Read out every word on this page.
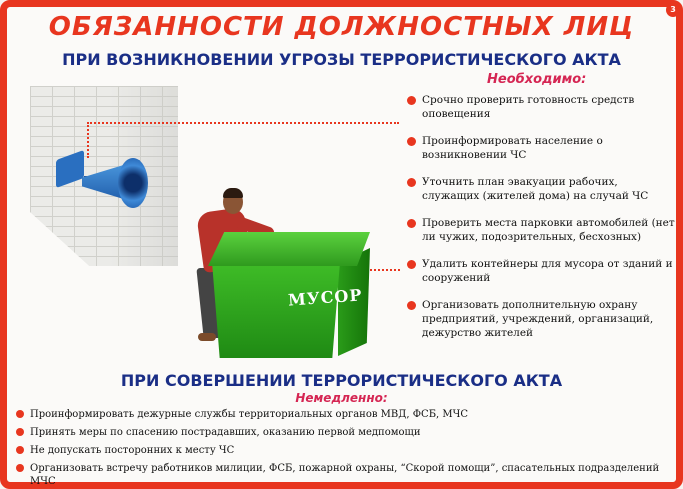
3
ОБЯЗАННОСТИ ДОЛЖНОСТНЫХ ЛИЦ
ПРИ ВОЗНИКНОВЕНИИ УГРОЗЫ ТЕРРОРИСТИЧЕСКОГО АКТА
Необходимо:
Срочно проверить готовность средств оповещения
Проинформировать население о возникновении ЧС
Уточнить план эвакуации рабочих, служащих (жителей дома) на случай ЧС
Проверить места парковки автомобилей (нет ли чужих, подозрительных, бесхозных)
Удалить контейнеры для мусора от зданий и сооружений
Организовать дополнительную охрану предприятий, учреждений, организаций, дежурство жителей
МУСОР
ПРИ СОВЕРШЕНИИ ТЕРРОРИСТИЧЕСКОГО АКТА
Немедленно:
Проинформировать дежурные службы территориальных органов МВД, ФСБ, МЧС
Принять меры по спасению пострадавших, оказанию первой медпомощи
Не допускать посторонних к месту ЧС
Организовать встречу работников милиции, ФСБ, пожарной охраны, “Скорой помощи”, спасательных подразделений МЧС
